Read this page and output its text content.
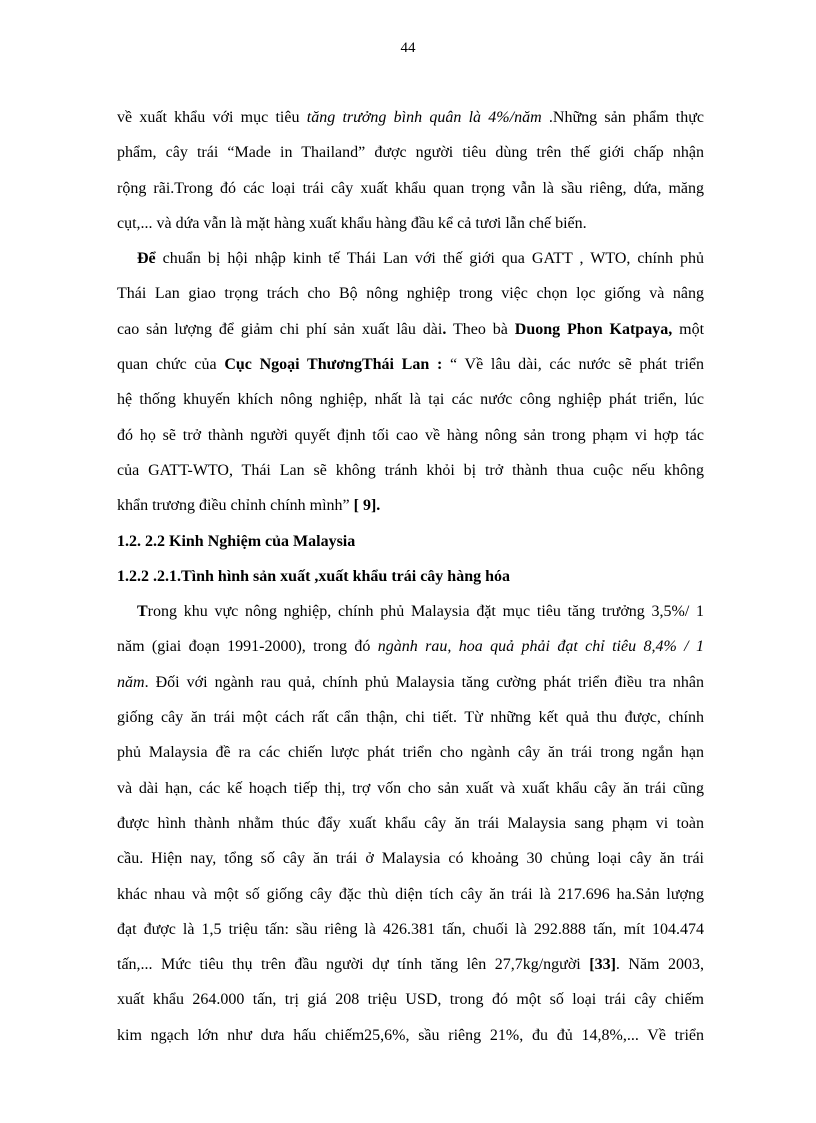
44
về xuất khẩu với mục tiêu tăng trưởng bình quân là 4%/năm .Những sản phẩm thực
phẩm, cây trái “Made in Thailand” được người tiêu dùng trên thế giới chấp nhận
rộng rãi.Trong đó các loại trái cây xuất khẩu quan trọng vẫn là sầu riêng, dứa, măng
cụt,... và dứa vẫn là mặt hàng xuất khẩu hàng đầu kể cả tươi lẫn chế biến.
Để chuẩn bị hội nhập kinh tế Thái Lan với thế giới qua GATT , WTO, chính phủ
Thái Lan giao trọng trách cho Bộ nông nghiệp trong việc chọn lọc giống và nâng
cao sản lượng để giảm chi phí sản xuất lâu dài. Theo bà Duong Phon Katpaya, một
quan chức của Cục Ngoại ThươngThái Lan : “ Về lâu dài, các nước sẽ phát triển
hệ thống khuyến khích nông nghiệp, nhất là tại các nước công nghiệp phát triển, lúc
đó họ sẽ trở thành người quyết định tối cao về hàng nông sản trong phạm vi hợp tác
của GATT-WTO, Thái Lan sẽ không tránh khỏi bị trở thành thua cuộc nếu không
khẩn trương điều chỉnh chính mình” [ 9].
1.2. 2.2 Kinh Nghiệm của Malaysia
1.2.2 .2.1.Tình hình sản xuất ,xuất khẩu trái cây hàng hóa
Trong khu vực nông nghiệp, chính phủ Malaysia đặt mục tiêu tăng trưởng 3,5%/ 1
năm (giai đoạn 1991-2000), trong đó ngành rau, hoa quả phải đạt chỉ tiêu 8,4% / 1
năm. Đối với ngành rau quả, chính phủ Malaysia tăng cường phát triển điều tra nhân
giống cây ăn trái một cách rất cẩn thận, chi tiết. Từ những kết quả thu được, chính
phủ Malaysia đề ra các chiến lược phát triển cho ngành cây ăn trái trong ngắn hạn
và dài hạn, các kế hoạch tiếp thị, trợ vốn cho sản xuất và xuất khẩu cây ăn trái cũng
được hình thành nhằm thúc đẩy xuất khẩu cây ăn trái Malaysia sang phạm vi toàn
cầu. Hiện nay, tổng số cây ăn trái ở Malaysia có khoảng 30 chủng loại cây ăn trái
khác nhau và một số giống cây đặc thù diện tích cây ăn trái là 217.696 ha.Sản lượng
đạt được là 1,5 triệu tấn: sầu riêng là 426.381 tấn, chuối là 292.888 tấn, mít 104.474
tấn,... Mức tiêu thụ trên đầu người dự tính tăng lên 27,7kg/người [33]. Năm 2003,
xuất khẩu 264.000 tấn, trị giá 208 triệu USD, trong đó một số loại trái cây chiếm
kim ngạch lớn như dưa hấu chiếm25,6%, sầu riêng 21%, đu đủ 14,8%,... Về triển
